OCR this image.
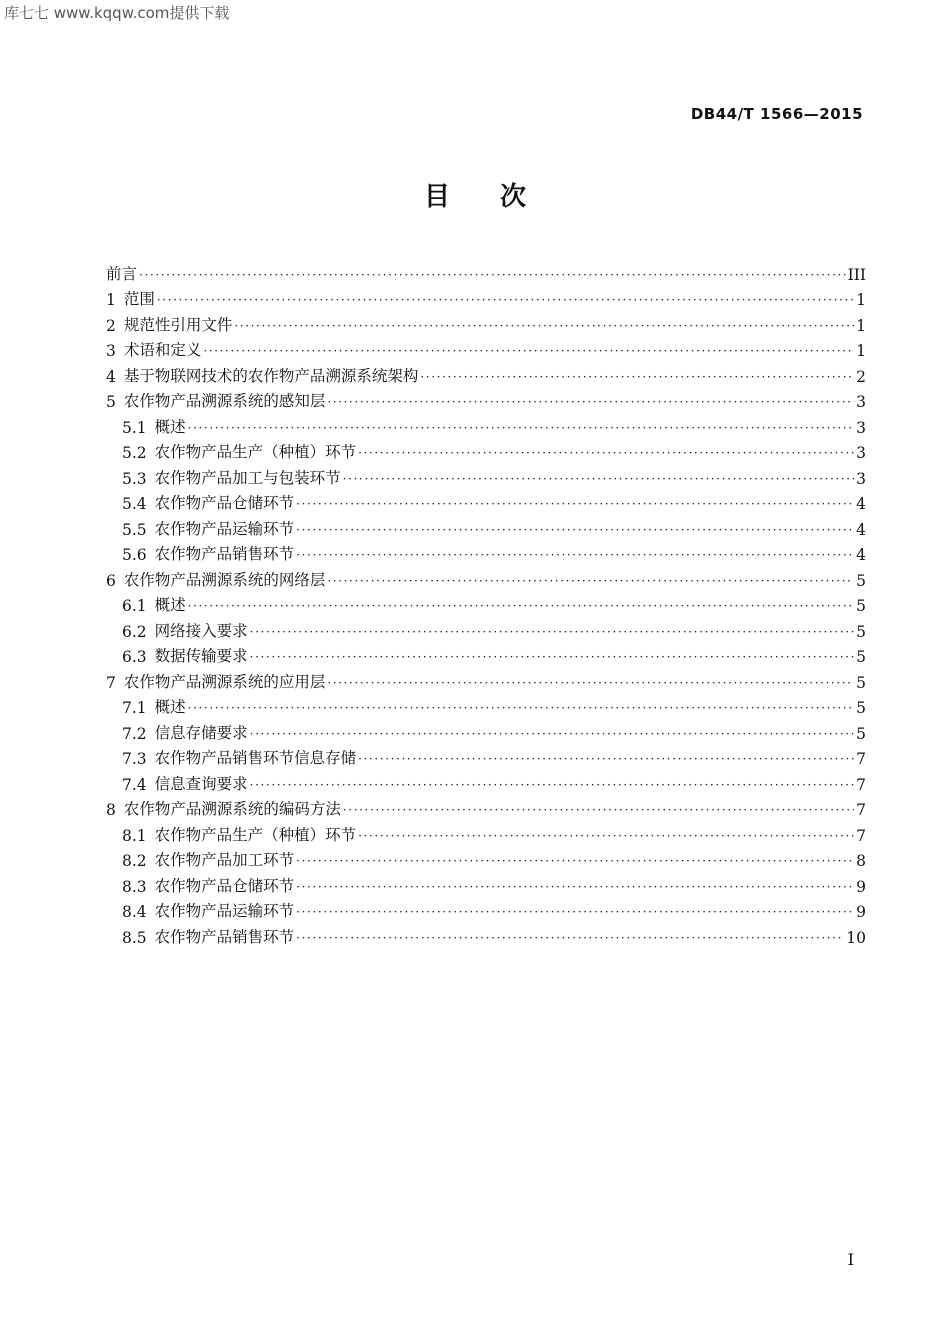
库七七 www.kqqw.com提供下载
DB44/T 1566—2015
目次
前言 ·····	III
1 范围 ·····	1
2 规范性引用文件 ·····	1
3 术语和定义 ·····	1
4 基于物联网技术的农作物产品溯源系统架构 ·····	2
5 农作物产品溯源系统的感知层 ·····	3
5.1 概述 ·····	3
5.2 农作物产品生产（种植）环节 ·····	3
5.3 农作物产品加工与包装环节 ·····	3
5.4 农作物产品仓储环节 ·····	4
5.5 农作物产品运输环节 ·····	4
5.6 农作物产品销售环节 ·····	4
6 农作物产品溯源系统的网络层 ·····	5
6.1 概述 ·····	5
6.2 网络接入要求 ·····	5
6.3 数据传输要求 ·····	5
7 农作物产品溯源系统的应用层 ·····	5
7.1 概述 ·····	5
7.2 信息存储要求 ·····	5
7.3 农作物产品销售环节信息存储 ·····	7
7.4 信息查询要求 ·····	7
8 农作物产品溯源系统的编码方法 ·····	7
8.1 农作物产品生产（种植）环节 ·····	7
8.2 农作物产品加工环节 ·····	8
8.3 农作物产品仓储环节 ·····	9
8.4 农作物产品运输环节 ·····	9
8.5 农作物产品销售环节 ·····	10
I
